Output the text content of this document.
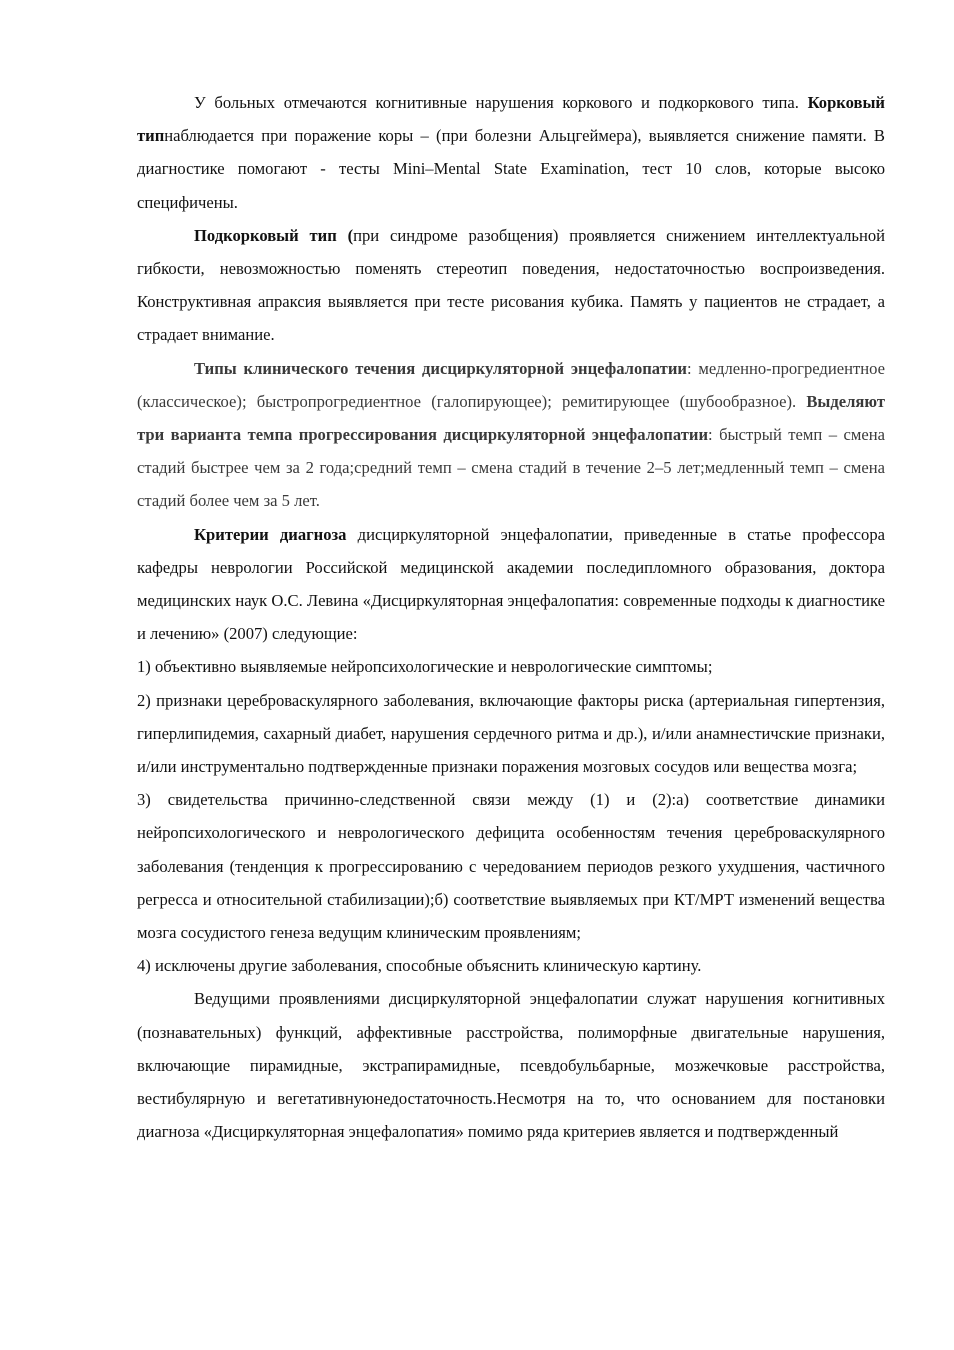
У больных отмечаются когнитивные нарушения коркового и подкоркового типа. Корковый типнаблюдается при поражение коры – (при болезни Альцгеймера), выявляется снижение памяти. В диагностике помогают - тесты Mini–Mental State Examination, тест 10 слов, которые высоко специфичены.

Подкорковый тип (при синдроме разобщения) проявляется снижением интеллектуальной гибкости, невозможностью поменять стереотип поведения, недостаточностью воспроизведения. Конструктивная апраксия выявляется при тесте рисования кубика. Память у пациентов не страдает, а страдает внимание.

Типы клинического течения дисциркуляторной энцефалопатии: медленно-прогредиентное (классическое); быстропрогредиентное (галопирующее); ремитирующее (шубообразное). Выделяют три варианта темпа прогрессирования дисциркуляторной энцефалопатии: быстрый темп – смена стадий быстрее чем за 2 года;средний темп – смена стадий в течение 2–5 лет;медленный темп – смена стадий более чем за 5 лет.

Критерии диагноза дисциркуляторной энцефалопатии, приведенные в статье профессора кафедры неврологии Российской медицинской академии последипломного образования, доктора медицинских наук О.С. Левина «Дисциркуляторная энцефалопатия: современные подходы к диагностике и лечению» (2007) следующие:

1) объективно выявляемые нейропсихологические и неврологические симптомы;

2) признаки цереброваскулярного заболевания, включающие факторы риска (артериальная гипертензия, гиперлипидемия, сахарный диабет, нарушения сердечного ритма и др.), и/или анамнестичские признаки, и/или инструментально подтвержденные признаки поражения мозговых сосудов или вещества мозга;

3) свидетельства причинно-следственной связи между (1) и (2):а) соответствие динамики нейропсихологического и неврологического дефицита особенностям течения цереброваскулярного заболевания (тенденция к прогрессированию с чередованием периодов резкого ухудшения, частичного регресса и относительной стабилизации);б) соответствие выявляемых при КТ/МРТ изменений вещества мозга сосудистого генеза ведущим клиническим проявлениям;

4) исключены другие заболевания, способные объяснить клиническую картину.

Ведущими проявлениями дисциркуляторной энцефалопатии служат нарушения когнитивных (познавательных) функций, аффективные расстройства, полиморфные двигательные нарушения, включающие пирамидные, экстрапирамидные, псевдобульбарные, мозжечковые расстройства, вестибулярную и вегетативнуюнедостаточность.Несмотря на то, что основанием для постановки диагноза «Дисциркуляторная энцефалопатия» помимо ряда критериев является и подтвержденный
